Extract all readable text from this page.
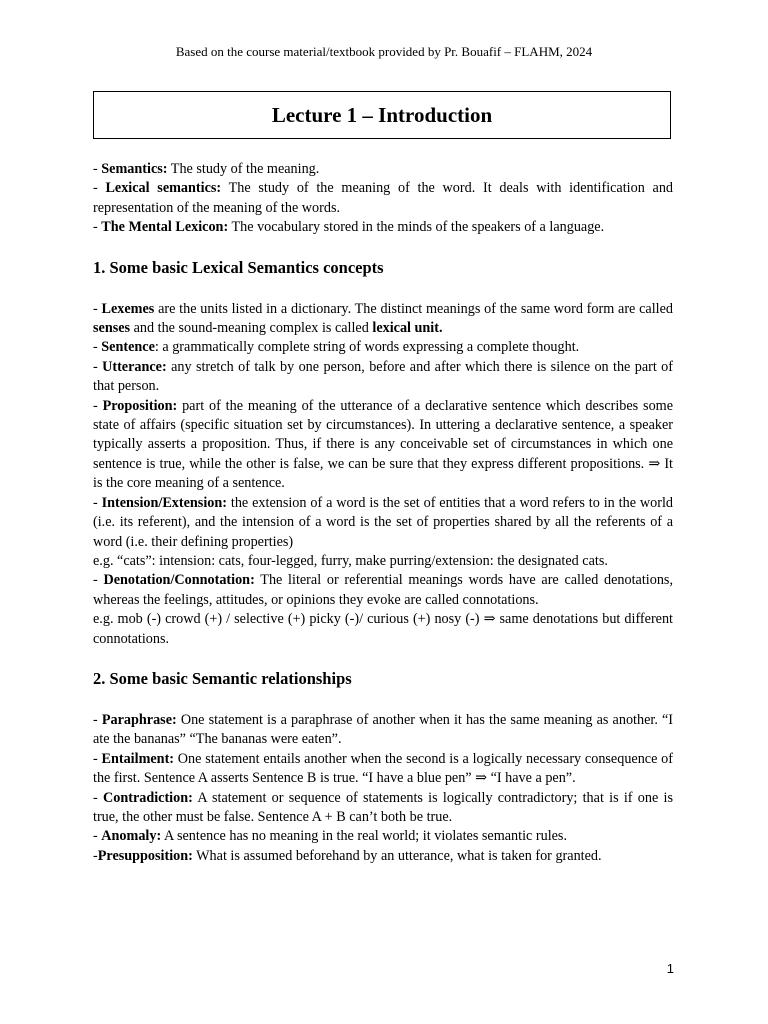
Based on the course material/textbook provided by Pr. Bouafif – FLAHM, 2024
Lecture 1 – Introduction

- Semantics: The study of the meaning.

- Lexical semantics: The study of the meaning of the word. It deals with identification and representation of the meaning of the words.

- The Mental Lexicon: The vocabulary stored in the minds of the speakers of a language.

1. Some basic Lexical Semantics concepts

- Lexemes are the units listed in a dictionary. The distinct meanings of the same word form are called senses and the sound-meaning complex is called lexical unit.

- Sentence: a grammatically complete string of words expressing a complete thought.

- Utterance: any stretch of talk by one person, before and after which there is silence on the part of that person.

- Proposition: part of the meaning of the utterance of a declarative sentence which describes some state of affairs (specific situation set by circumstances). In uttering a declarative sentence, a speaker typically asserts a proposition. Thus, if there is any conceivable set of circumstances in which one sentence is true, while the other is false, we can be sure that they express different propositions. ⇒ It is the core meaning of a sentence.

- Intension/Extension: the extension of a word is the set of entities that a word refers to in the world (i.e. its referent), and the intension of a word is the set of properties shared by all the referents of a word (i.e. their defining properties)

e.g. “cats”: intension: cats, four-legged, furry, make purring/extension: the designated cats.

- Denotation/Connotation: The literal or referential meanings words have are called denotations, whereas the feelings, attitudes, or opinions they evoke are called connotations.

e.g. mob (-) crowd (+) / selective (+) picky (-)/ curious (+) nosy (-) ⇒ same denotations but different connotations.

2. Some basic Semantic relationships

- Paraphrase: One statement is a paraphrase of another when it has the same meaning as another. “I ate the bananas” “The bananas were eaten”.

- Entailment: One statement entails another when the second is a logically necessary consequence of the first. Sentence A asserts Sentence B is true. “I have a blue pen” ⇒ “I have a pen”.

- Contradiction: A statement or sequence of statements is logically contradictory; that is if one is true, the other must be false. Sentence A + B can’t both be true.

- Anomaly: A sentence has no meaning in the real world; it violates semantic rules.

-Presupposition: What is assumed beforehand by an utterance, what is taken for granted.

1
